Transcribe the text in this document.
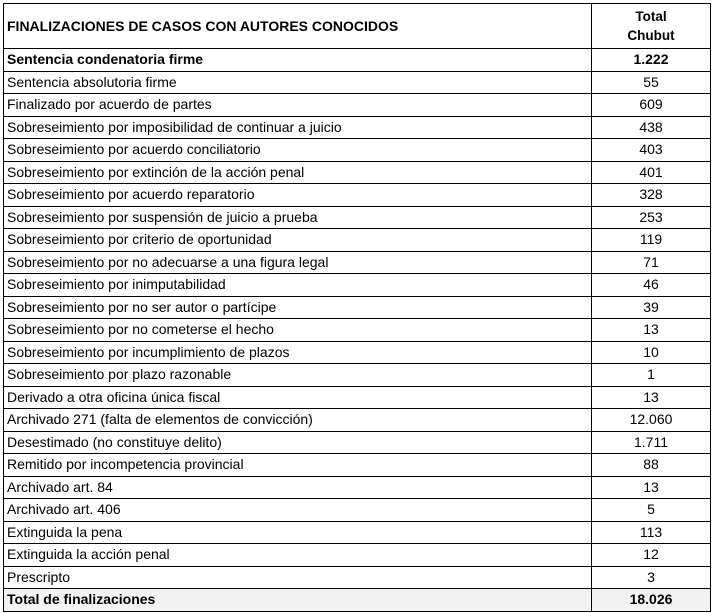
FINALIZACIONES DE CASOS CON AUTORES CONOCIDOS	Total
Chubut
Sentencia condenatoria firme	1.222
Sentencia absolutoria firme	55
Finalizado por acuerdo de partes	609
Sobreseimiento por imposibilidad de continuar a juicio	438
Sobreseimiento por acuerdo conciliatorio	403
Sobreseimiento por extinción de la acción penal	401
Sobreseimiento por acuerdo reparatorio	328
Sobreseimiento por suspensión de juicio a prueba	253
Sobreseimiento por criterio de oportunidad	119
Sobreseimiento por no adecuarse a una figura legal	71
Sobreseimiento por inimputabilidad	46
Sobreseimiento por no ser autor o partícipe	39
Sobreseimiento por no cometerse el hecho	13
Sobreseimiento por incumplimiento de plazos	10
Sobreseimiento por plazo razonable	1
Derivado a otra oficina única fiscal	13
Archivado 271 (falta de elementos de convicción)	12.060
Desestimado (no constituye delito)	1.711
Remitido por incompetencia provincial	88
Archivado art. 84	13
Archivado art. 406	5
Extinguida la pena	113
Extinguida la acción penal	12
Prescripto	3
Total de finalizaciones	18.026
